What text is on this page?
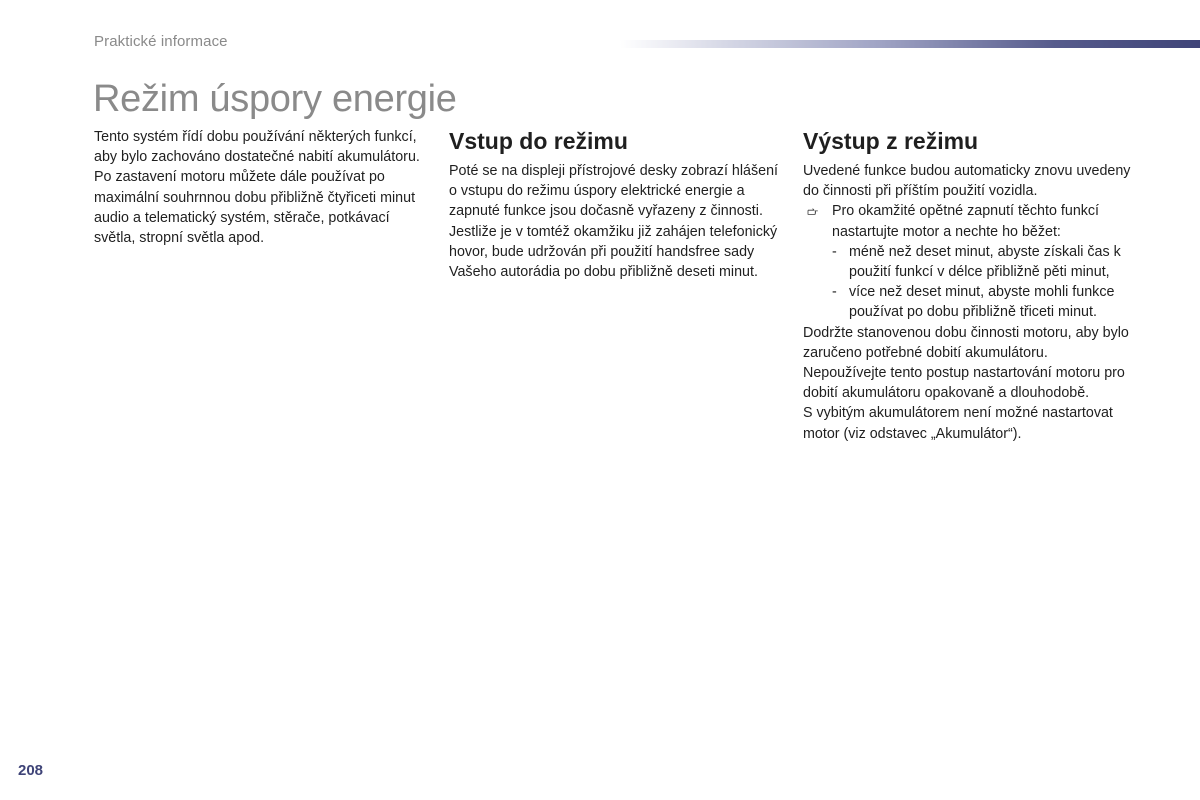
Praktické informace
Režim úspory energie

Tento systém řídí dobu používání některých funkcí, aby bylo zachováno dostatečné nabití akumulátoru.

Po zastavení motoru můžete dále používat po maximální souhrnnou dobu přibližně čtyřiceti minut audio a telematický systém, stěrače, potkávací světla, stropní světla apod.

Vstup do režimu

Poté se na displeji přístrojové desky zobrazí hlášení o vstupu do režimu úspory elektrické energie a zapnuté funkce jsou dočasně vyřazeny z činnosti.

Jestliže je v tomtéž okamžiku již zahájen telefonický hovor, bude udržován při použití handsfree sady Vašeho autorádia po dobu přibližně deseti minut.

Výstup z režimu

Uvedené funkce budou automaticky znovu uvedeny do činnosti při příštím použití vozidla.

Pro okamžité opětné zapnutí těchto funkcí nastartujte motor a nechte ho běžet:
- méně než deset minut, abyste získali čas k použití funkcí v délce přibližně pěti minut,
- více než deset minut, abyste mohli funkce používat po dobu přibližně třiceti minut.

Dodržte stanovenou dobu činnosti motoru, aby bylo zaručeno potřebné dobití akumulátoru.

Nepoužívejte tento postup nastartování motoru pro dobití akumulátoru opakovaně a dlouhodobě.

S vybitým akumulátorem není možné nastartovat motor (viz odstavec „Akumulátor“).

208
